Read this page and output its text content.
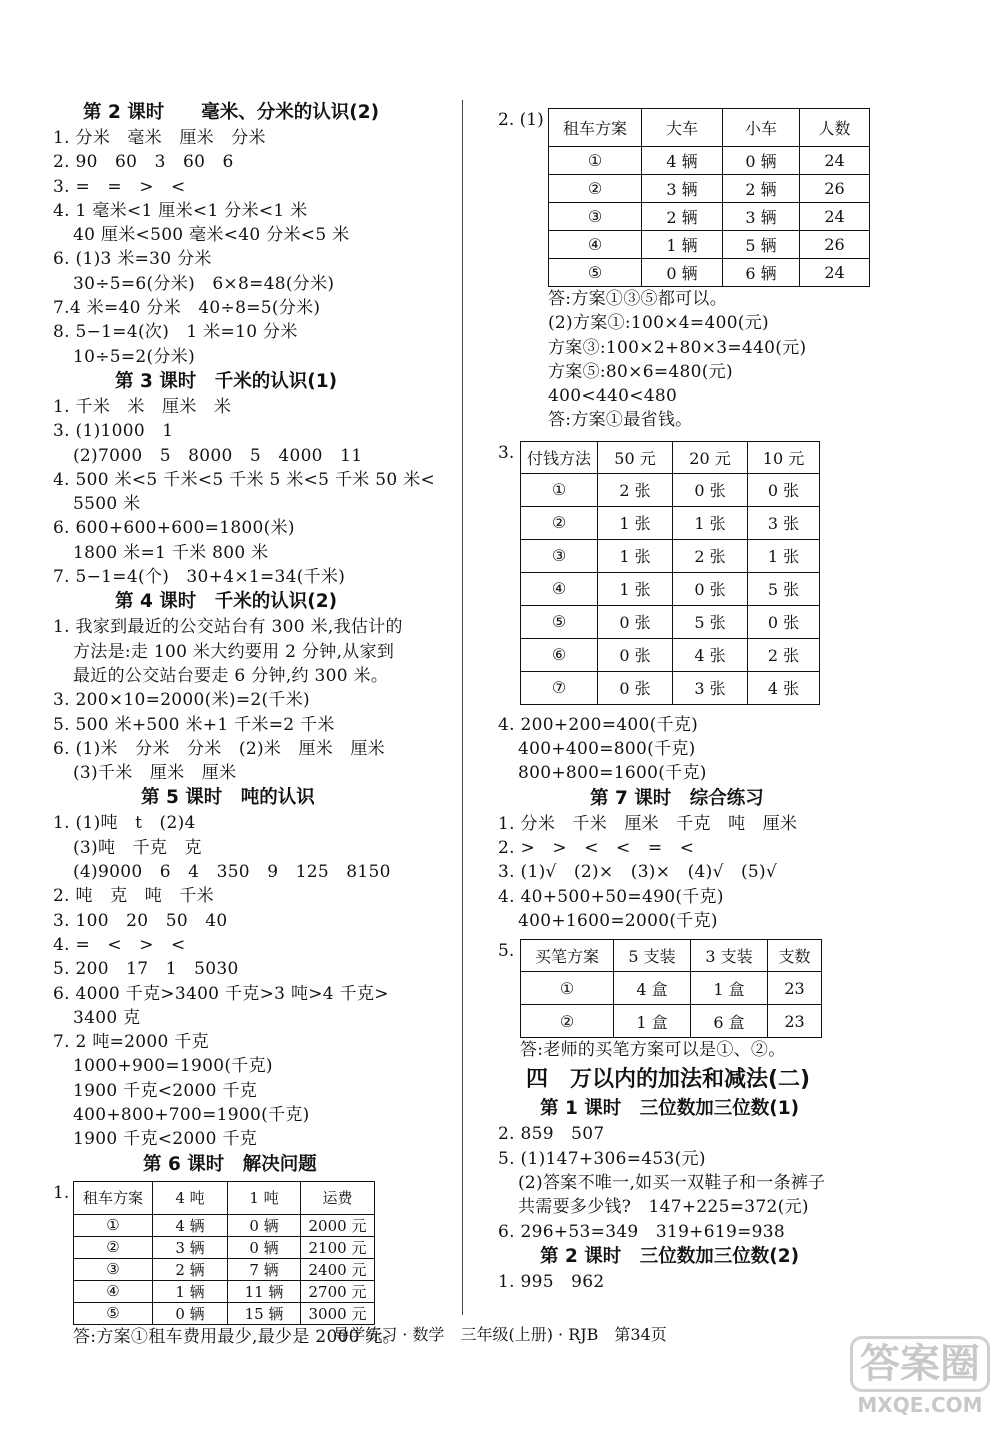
第 2 课时　　毫米、分米的认识(2)
1. 分米　毫米　厘米　分米
2. 90　60　3　60　6
3. =　=　>　<
4. 1 毫米<1 厘米<1 分米<1 米
40 厘米<500 毫米<40 分米<5 米
6. (1)3 米=30 分米
30÷5=6(分米)　6×8=48(分米)
7.4 米=40 分米　40÷8=5(分米)
8. 5−1=4(次)　1 米=10 分米
10÷5=2(分米)
第 3 课时　千米的认识(1)
1. 千米　米　厘米　米
3. (1)1000　1
(2)7000　5　8000　5　4000　11
4. 500 米<5 千米<5 千米 5 米<5 千米 50 米<
5500 米
6. 600+600+600=1800(米)
1800 米=1 千米 800 米
7. 5−1=4(个)　30+4×1=34(千米)
第 4 课时　千米的认识(2)
1. 我家到最近的公交站台有 300 米,我估计的
方法是:走 100 米大约要用 2 分钟,从家到
最近的公交站台要走 6 分钟,约 300 米。
3. 200×10=2000(米)=2(千米)
5. 500 米+500 米+1 千米=2 千米
6. (1)米　分米　分米　(2)米　厘米　厘米
(3)千米　厘米　厘米
第 5 课时　吨的认识
1. (1)吨　t　(2)4
(3)吨　千克　克
(4)9000　6　4　350　9　125　8150
2. 吨　克　吨　千米
3. 100　20　50　40
4. =　<　>　<
5. 200　17　1　5030
6. 4000 千克>3400 千克>3 吨>4 千克>
3400 克
7. 2 吨=2000 千克
1000+900=1900(千克)
1900 千克<2000 千克
400+800+700=1900(千克)
1900 千克<2000 千克
第 6 课时　解决问题
1. 租车方案	4 吨	1 吨	运费
①	4 辆	0 辆	2000 元
②	3 辆	0 辆	2100 元
③	2 辆	7 辆	2400 元
④	1 辆	11 辆	2700 元
⑤	0 辆	15 辆	3000 元
答:方案①租车费用最少,最少是 2000 元。
2. (1) 租车方案	大车	小车	人数
①	4 辆	0 辆	24
②	3 辆	2 辆	26
③	2 辆	3 辆	24
④	1 辆	5 辆	26
⑤	0 辆	6 辆	24
答:方案①③⑤都可以。
(2)方案①:100×4=400(元)
方案③:100×2+80×3=440(元)
方案⑤:80×6=480(元)
400<440<480
答:方案①最省钱。
3. 付钱方法	50 元	20 元	10 元
①	2 张	0 张	0 张
②	1 张	1 张	3 张
③	1 张	2 张	1 张
④	1 张	0 张	5 张
⑤	0 张	5 张	0 张
⑥	0 张	4 张	2 张
⑦	0 张	3 张	4 张
4. 200+200=400(千克)
400+400=800(千克)
800+800=1600(千克)
第 7 课时　综合练习
1. 分米　千米　厘米　千克　吨　厘米
2. >　>　<　<　=　<
3. (1)√　(2)×　(3)×　(4)√　(5)√
4. 40+500+50=490(千克)
400+1600=2000(千克)
5. 买笔方案	5 支装	3 支装	支数
①	4 盒	1 盒	23
②	1 盒	6 盒	23
答:老师的买笔方案可以是①、②。
四　万以内的加法和减法(二)
第 1 课时　三位数加三位数(1)
2. 859　507
5. (1)147+306=453(元)
(2)答案不唯一,如买一双鞋子和一条裤子
共需要多少钱?　147+225=372(元)
6. 296+53=349　319+619=938
第 2 课时　三位数加三位数(2)
1. 995　962
导学练习 · 数学　三年级(上册) · RJB　第34页
答案圈
MXQE.COM
